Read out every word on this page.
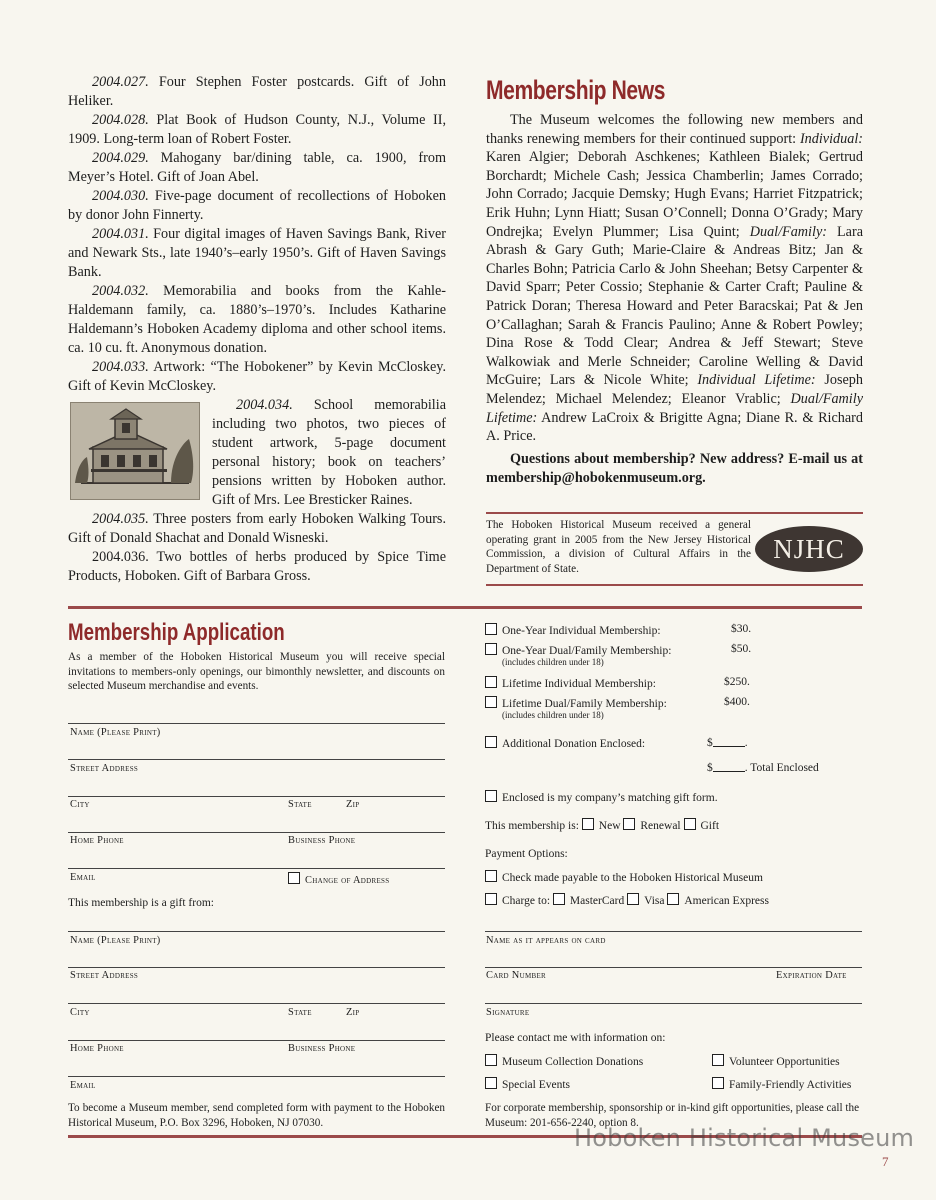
2004.027. Four Stephen Foster postcards. Gift of John Heliker.

2004.028. Plat Book of Hudson County, N.J., Volume II, 1909. Long-term loan of Robert Foster.

2004.029. Mahogany bar/dining table, ca. 1900, from Meyer’s Hotel. Gift of Joan Abel.

2004.030. Five-page document of recollections of Hoboken by donor John Finnerty.

2004.031. Four digital images of Haven Savings Bank, River and Newark Sts., late 1940’s–early 1950’s. Gift of Haven Savings Bank.

2004.032. Memorabilia and books from the Kahle-Haldemann family, ca. 1880’s–1970’s. Includes Katharine Haldemann’s Hoboken Academy diploma and other school items. ca. 10 cu. ft. Anonymous donation.

2004.033. Artwork: “The Hobokener” by Kevin McCloskey. Gift of Kevin McCloskey.

2004.034. School memorabilia including two photos, two pieces of student artwork, 5-page document personal history; book on teachers’ pensions written by Hoboken author. Gift of Mrs. Lee Bresticker Raines.

2004.035. Three posters from early Hoboken Walking Tours. Gift of Donald Shachat and Donald Wisneski.

2004.036. Two bottles of herbs produced by Spice Time Products, Hoboken. Gift of Barbara Gross.

Membership News

The Museum welcomes the following new members and thanks renewing members for their continued support: Individual: Karen Algier; Deborah Aschkenes; Kathleen Bialek; Gertrud Borchardt; Michele Cash; Jessica Chamberlin; James Corrado; John Corrado; Jacquie Demsky; Hugh Evans; Harriet Fitzpatrick; Erik Huhn; Lynn Hiatt; Susan O’Connell; Donna O’Grady; Mary Ondrejka; Evelyn Plummer; Lisa Quint; Dual/Family: Lara Abrash & Gary Guth; Marie-Claire & Andreas Bitz; Jan & Charles Bohn; Patricia Carlo & John Sheehan; Betsy Carpenter & David Sparr; Peter Cossio; Stephanie & Carter Craft; Pauline & Patrick Doran; Theresa Howard and Peter Baracskai; Pat & Jen O’Callaghan; Sarah & Francis Paulino; Anne & Robert Powley; Dina Rose & Todd Clear; Andrea & Jeff Stewart; Steve Walkowiak and Merle Schneider; Caroline Welling & David McGuire; Lars & Nicole White; Individual Lifetime: Joseph Melendez; Michael Melendez; Eleanor Vrablic; Dual/Family Lifetime: Andrew LaCroix & Brigitte Agna; Diane R. & Richard A. Price.

Questions about membership? New address? E-mail us at membership@hobokenmuseum.org.

The Hoboken Historical Museum received a general operating grant in 2005 from the New Jersey Historical Commission, a division of Cultural Affairs in the Department of State.
NJHC
Membership Application

As a member of the Hoboken Historical Museum you will receive special invitations to members-only openings, our bimonthly newsletter, and discounts on selected Museum merchandise and events.

Name (Please Print)
Street Address
City	State	Zip
Home Phone	Business Phone
Email	Change of Address
This membership is a gift from:
Name (Please Print)
Street Address
City	State	Zip
Home Phone	Business Phone
Email

To become a Museum member, send completed form with payment to the Hoboken Historical Museum, P.O. Box 3296, Hoboken, NJ 07030.

One-Year Individual Membership:	$30.
One-Year Dual/Family Membership:
(includes children under 18)
$50.
Lifetime Individual Membership:	$250.
Lifetime Dual/Family Membership:
(includes children under 18)
$400.
Additional Donation Enclosed:	$	.
$	. Total Enclosed
Enclosed is my company’s matching gift form.
This membership is: New Renewal Gift
Payment Options:
Check made payable to the Hoboken Historical Museum
Charge to: MasterCard Visa American Express
Name as it appears on card
Card Number	Expiration Date
Signature
Please contact me with information on:
Museum Collection Donations	Volunteer Opportunities
Special Events	Family-Friendly Activities

For corporate membership, sponsorship or in-kind gift opportunities, please call the Museum: 201-656-2240, option 8.

Hoboken Historical Museum
7
